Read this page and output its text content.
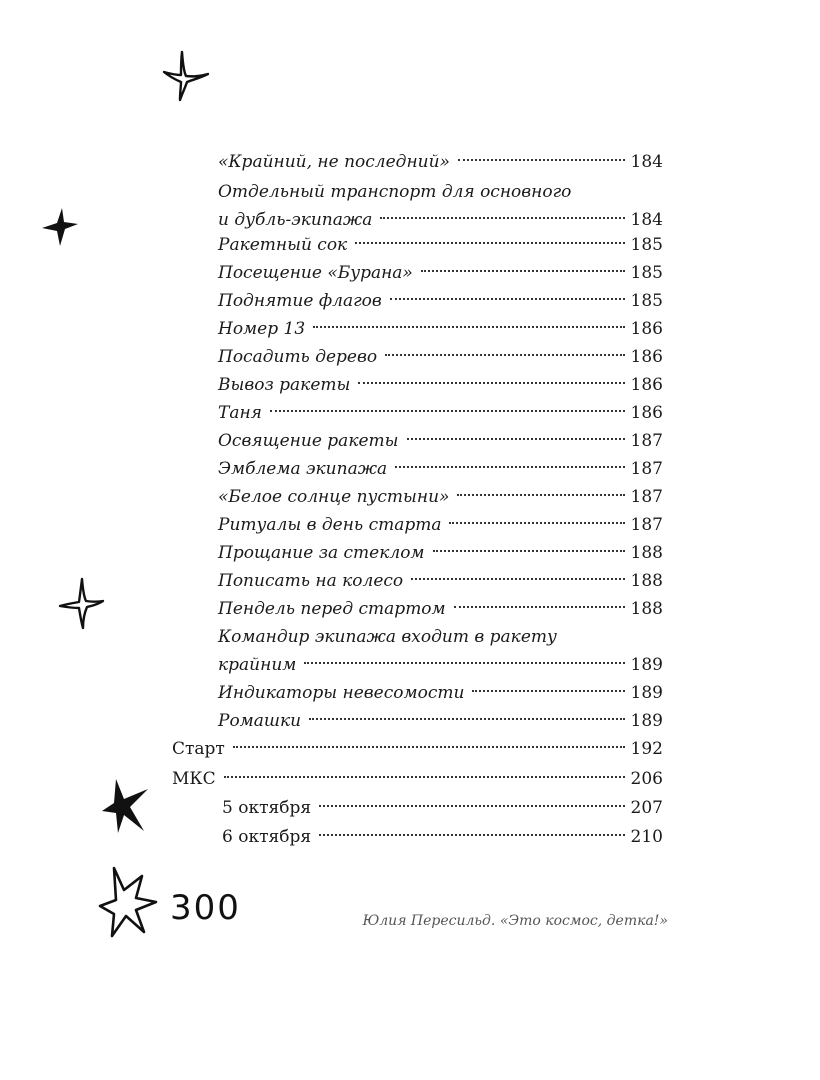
«Крайний, не последний»	184
Отдельный транспорт для основного
и дубль-экипажа	184
Ракетный сок	185
Посещение «Бурана»	185
Поднятие флагов	185
Номер 13	186
Посадить дерево	186
Вывоз ракеты	186
Таня	186
Освящение ракеты	187
Эмблема экипажа	187
«Белое солнце пустыни»	187
Ритуалы в день старта	187
Прощание за стеклом	188
Пописать на колесо	188
Пендель перед стартом	188
Командир экипажа входит в ракету
крайним	189
Индикаторы невесомости	189
Ромашки	189
Старт	192
МКС	206
5 октября	207
6 октября	210
300	Юлия Пересильд. «Это космос, детка!»
